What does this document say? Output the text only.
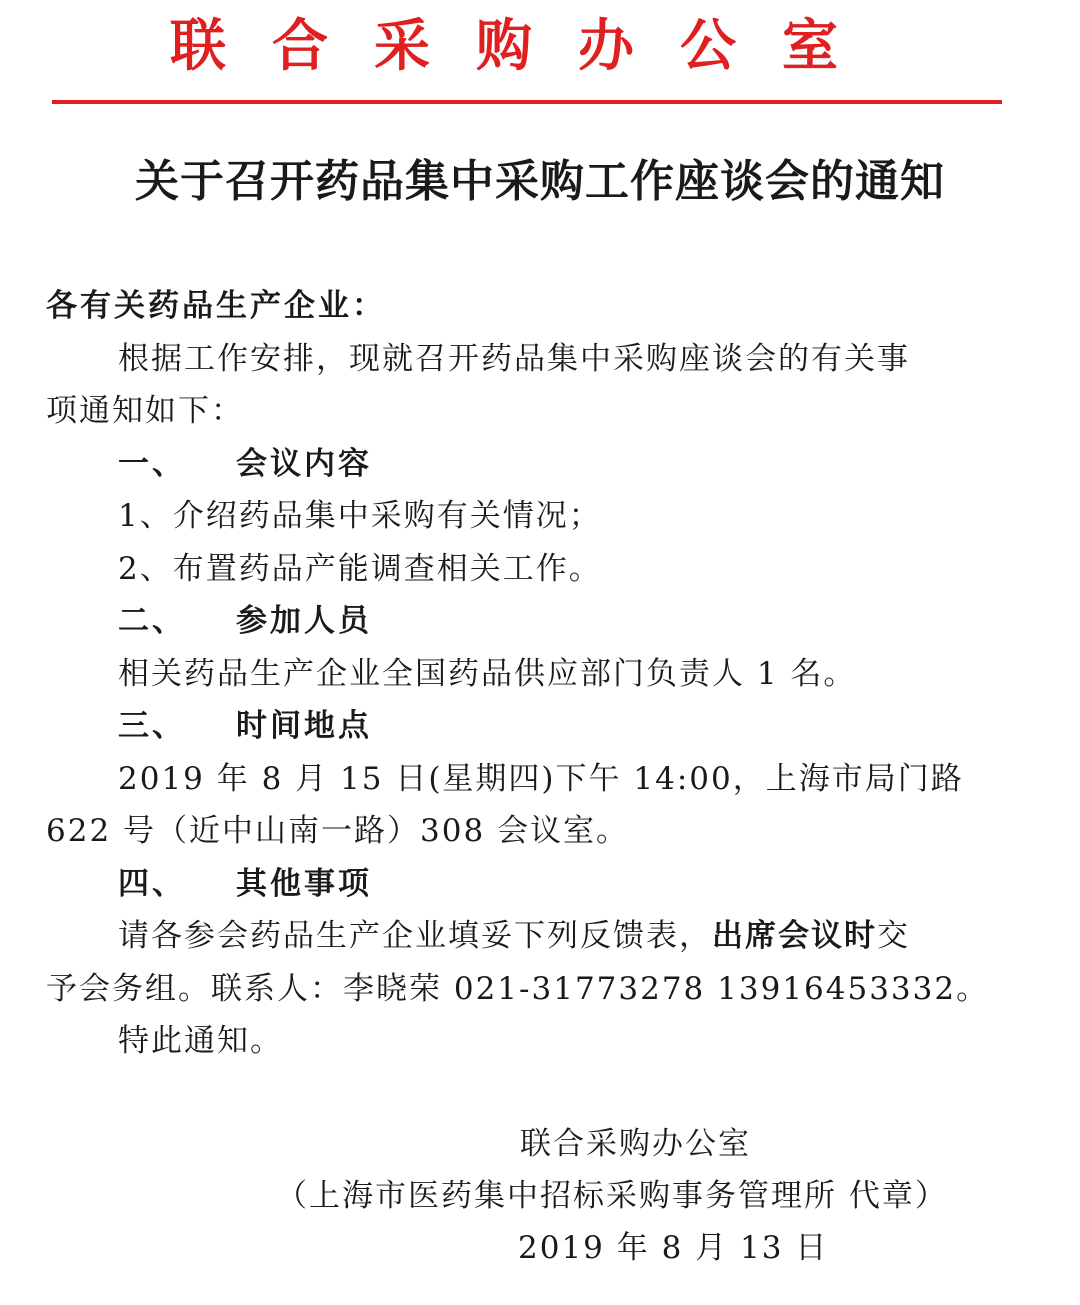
联合采购办公室
关于召开药品集中采购工作座谈会的通知
各有关药品生产企业：
根据工作安排，现就召开药品集中采购座谈会的有关事
项通知如下：
一、 会议内容
1、介绍药品集中采购有关情况；
2、布置药品产能调查相关工作。
二、 参加人员
相关药品生产企业全国药品供应部门负责人 1 名。
三、 时间地点
2019 年 8 月 15 日(星期四)下午 14:00，上海市局门路
622 号（近中山南一路）308 会议室。
四、 其他事项
请各参会药品生产企业填妥下列反馈表，出席会议时交
予会务组。联系人：李晓荣 021-31773278 13916453332。
特此通知。
联合采购办公室
（上海市医药集中招标采购事务管理所 代章）
2019 年 8 月 13 日
